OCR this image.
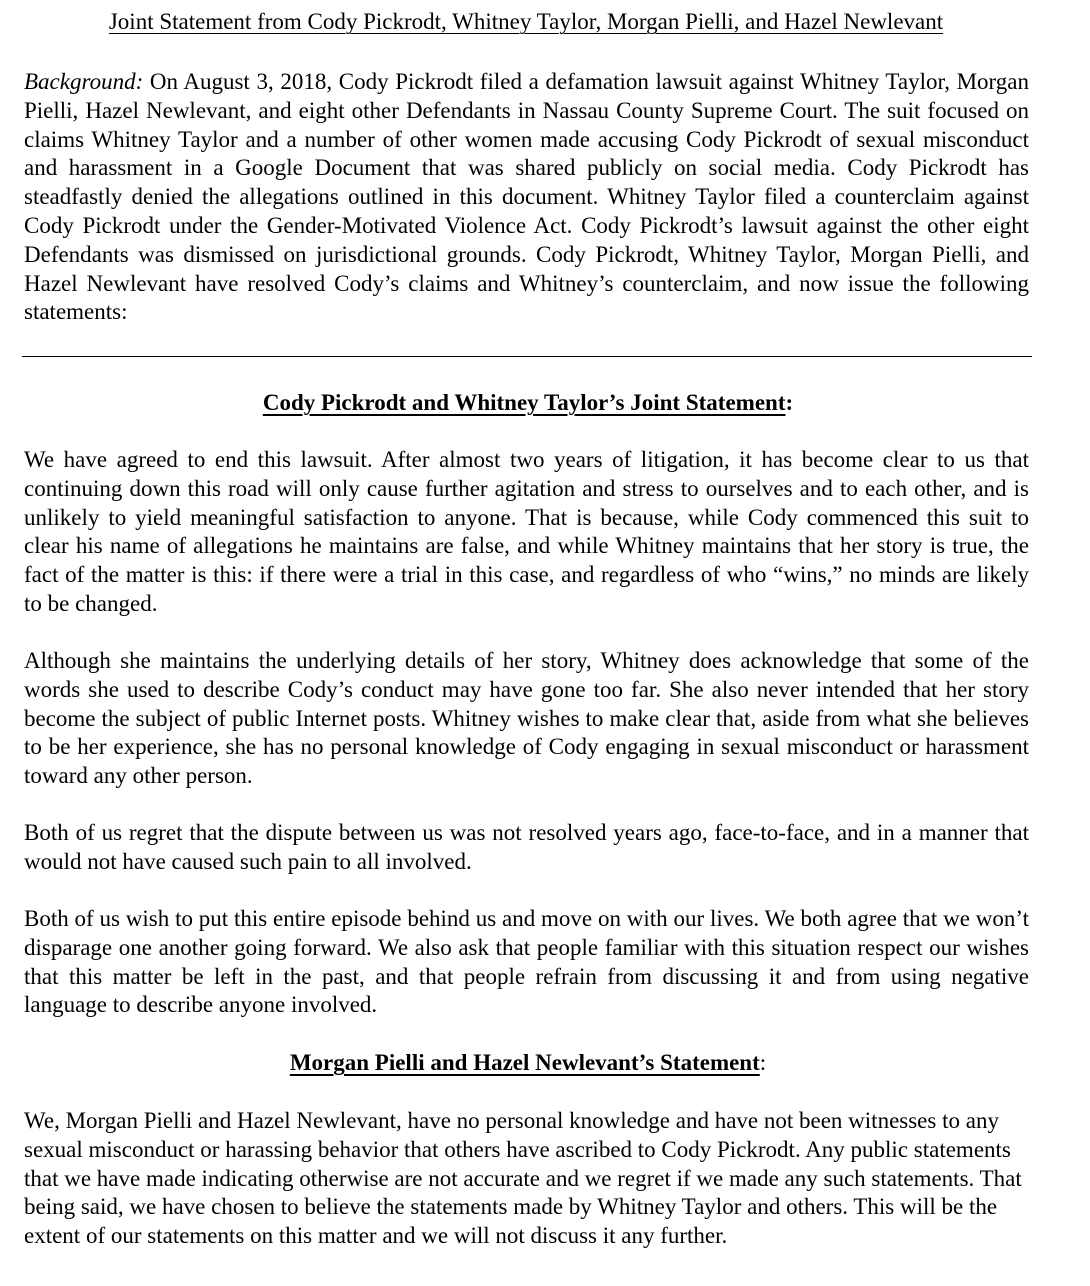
Joint Statement from Cody Pickrodt, Whitney Taylor, Morgan Pielli, and Hazel Newlevant

Background: On August 3, 2018, Cody Pickrodt filed a defamation lawsuit against Whitney Taylor, Morgan Pielli, Hazel Newlevant, and eight other Defendants in Nassau County Supreme Court. The suit focused on claims Whitney Taylor and a number of other women made accusing Cody Pickrodt of sexual misconduct and harassment in a Google Document that was shared publicly on social media. Cody Pickrodt has steadfastly denied the allegations outlined in this document. Whitney Taylor filed a counterclaim against Cody Pickrodt under the Gender-Motivated Violence Act. Cody Pickrodt’s lawsuit against the other eight Defendants was dismissed on jurisdictional grounds. Cody Pickrodt, Whitney Taylor, Morgan Pielli, and Hazel Newlevant have resolved Cody’s claims and Whitney’s counterclaim, and now issue the following statements:

Cody Pickrodt and Whitney Taylor’s Joint Statement:

We have agreed to end this lawsuit. After almost two years of litigation, it has become clear to us that continuing down this road will only cause further agitation and stress to ourselves and to each other, and is unlikely to yield meaningful satisfaction to anyone. That is because, while Cody commenced this suit to clear his name of allegations he maintains are false, and while Whitney maintains that her story is true, the fact of the matter is this: if there were a trial in this case, and regardless of who “wins,” no minds are likely to be changed.

Although she maintains the underlying details of her story, Whitney does acknowledge that some of the words she used to describe Cody’s conduct may have gone too far. She also never intended that her story become the subject of public Internet posts. Whitney wishes to make clear that, aside from what she believes to be her experience, she has no personal knowledge of Cody engaging in sexual misconduct or harassment toward any other person.

Both of us regret that the dispute between us was not resolved years ago, face-to-face, and in a manner that would not have caused such pain to all involved.

Both of us wish to put this entire episode behind us and move on with our lives. We both agree that we won’t disparage one another going forward. We also ask that people familiar with this situation respect our wishes that this matter be left in the past, and that people refrain from discussing it and from using negative language to describe anyone involved.

Morgan Pielli and Hazel Newlevant’s Statement:

We, Morgan Pielli and Hazel Newlevant, have no personal knowledge and have not been witnesses to any sexual misconduct or harassing behavior that others have ascribed to Cody Pickrodt. Any public statements that we have made indicating otherwise are not accurate and we regret if we made any such statements. That being said, we have chosen to believe the statements made by Whitney Taylor and others. This will be the extent of our statements on this matter and we will not discuss it any further.
